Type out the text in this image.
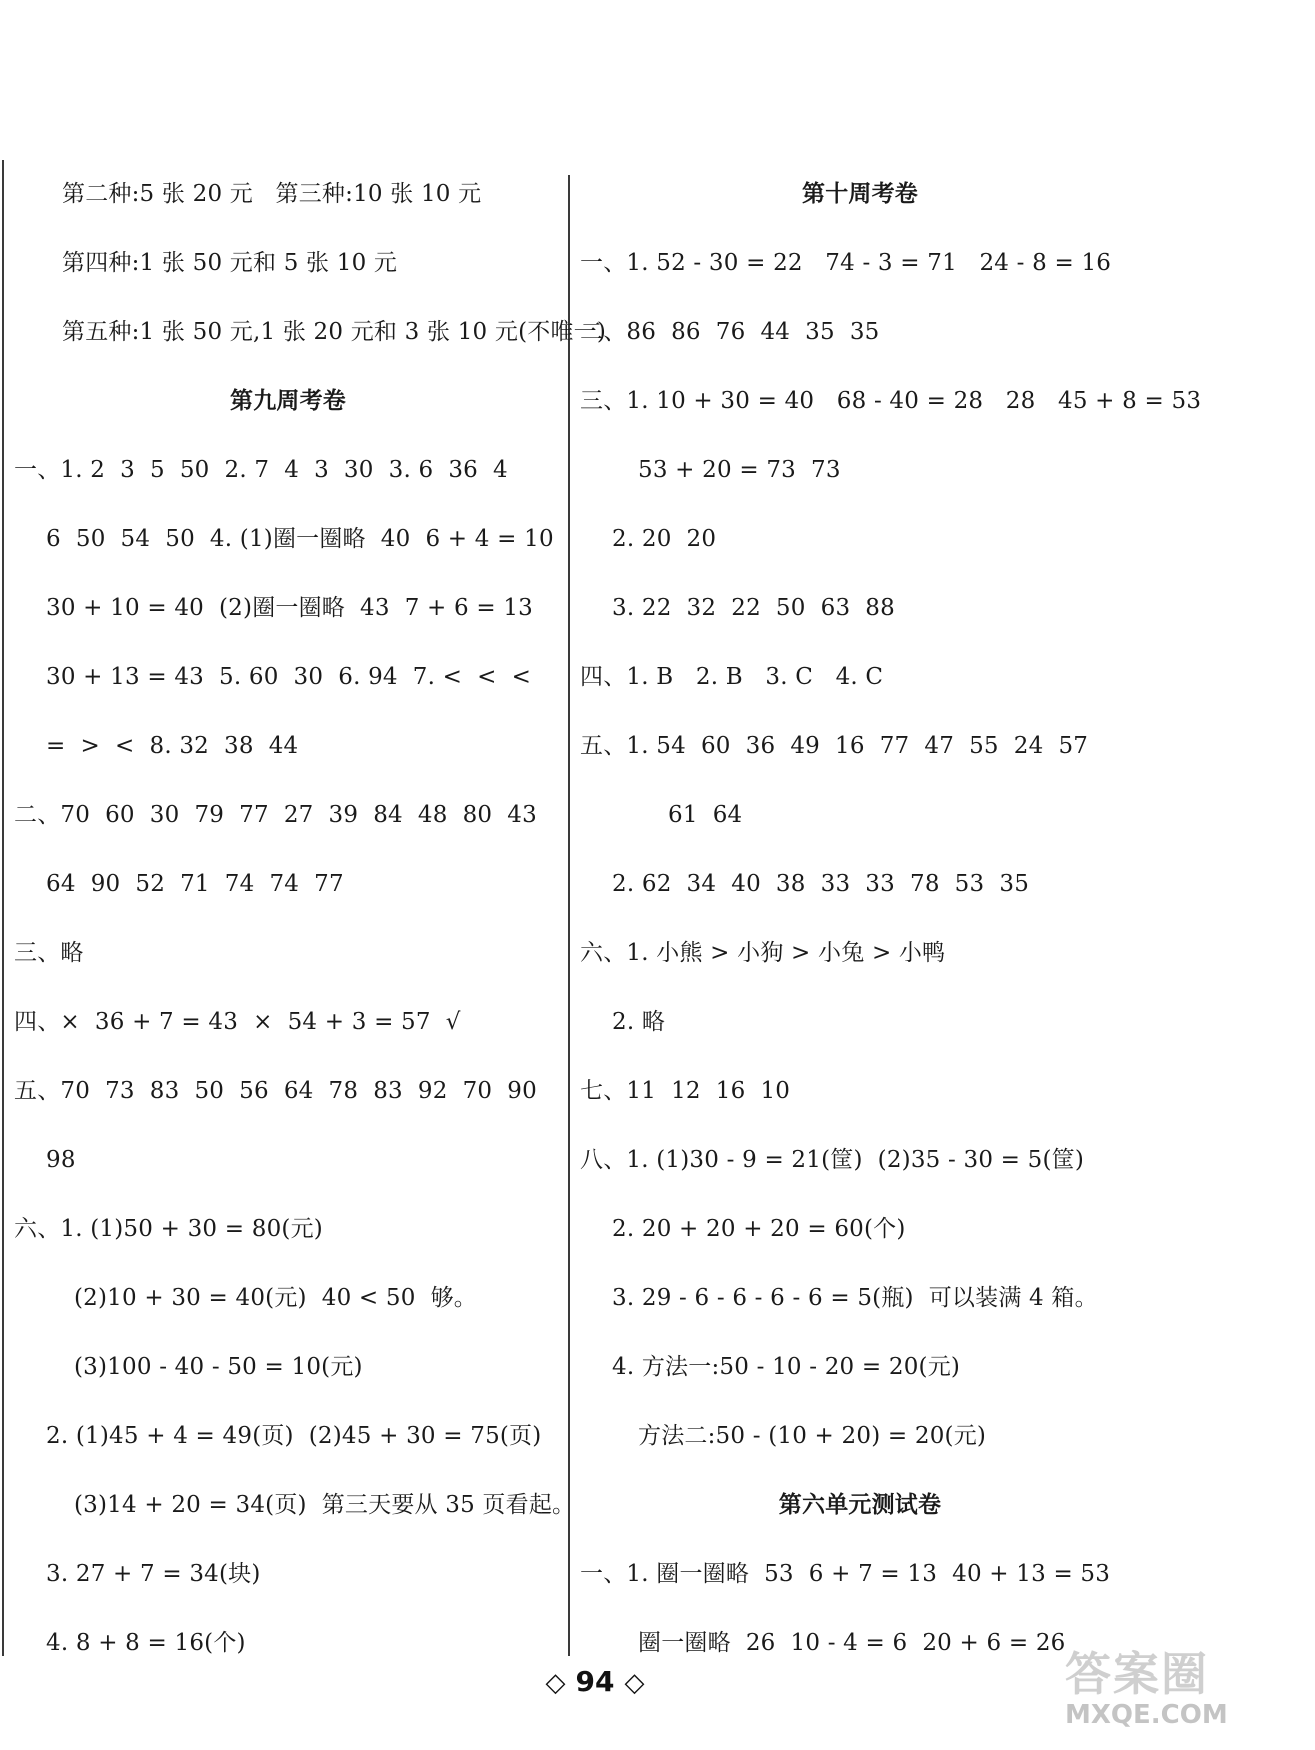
第二种:5 张 20 元   第三种:10 张 10 元
第四种:1 张 50 元和 5 张 10 元
第五种:1 张 50 元,1 张 20 元和 3 张 10 元(不唯一)
第九周考卷
一、1. 2  3  5  50  2. 7  4  3  30  3. 6  36  4
6  50  54  50  4. (1)圈一圈略  40  6 + 4 = 10
30 + 10 = 40  (2)圈一圈略  43  7 + 6 = 13
30 + 13 = 43  5. 60  30  6. 94  7. <  <  <
=  >  <  8. 32  38  44
二、70  60  30  79  77  27  39  84  48  80  43
64  90  52  71  74  74  77
三、略
四、×  36 + 7 = 43  ×  54 + 3 = 57  √
五、70  73  83  50  56  64  78  83  92  70  90
98
六、1. (1)50 + 30 = 80(元)
(2)10 + 30 = 40(元)  40 < 50  够。
(3)100 - 40 - 50 = 10(元)
2. (1)45 + 4 = 49(页)  (2)45 + 30 = 75(页)
(3)14 + 20 = 34(页)  第三天要从 35 页看起。
3. 27 + 7 = 34(块)
4. 8 + 8 = 16(个)
第十周考卷
一、1. 52 - 30 = 22   74 - 3 = 71   24 - 8 = 16
二、86  86  76  44  35  35
三、1. 10 + 30 = 40   68 - 40 = 28   28   45 + 8 = 53
53 + 20 = 73  73
2. 20  20
3. 22  32  22  50  63  88
四、1. B   2. B   3. C   4. C
五、1. 54  60  36  49  16  77  47  55  24  57
61  64
2. 62  34  40  38  33  33  78  53  35
六、1. 小熊 > 小狗 > 小兔 > 小鸭
2. 略
七、11  12  16  10
八、1. (1)30 - 9 = 21(筐)  (2)35 - 30 = 5(筐)
2. 20 + 20 + 20 = 60(个)
3. 29 - 6 - 6 - 6 - 6 = 5(瓶)  可以装满 4 箱。
4. 方法一:50 - 10 - 20 = 20(元)
方法二:50 - (10 + 20) = 20(元)
第六单元测试卷
一、1. 圈一圈略  53  6 + 7 = 13  40 + 13 = 53
圈一圈略  26  10 - 4 = 6  20 + 6 = 26
◇ 94 ◇	答案圈
MXQE.COM
